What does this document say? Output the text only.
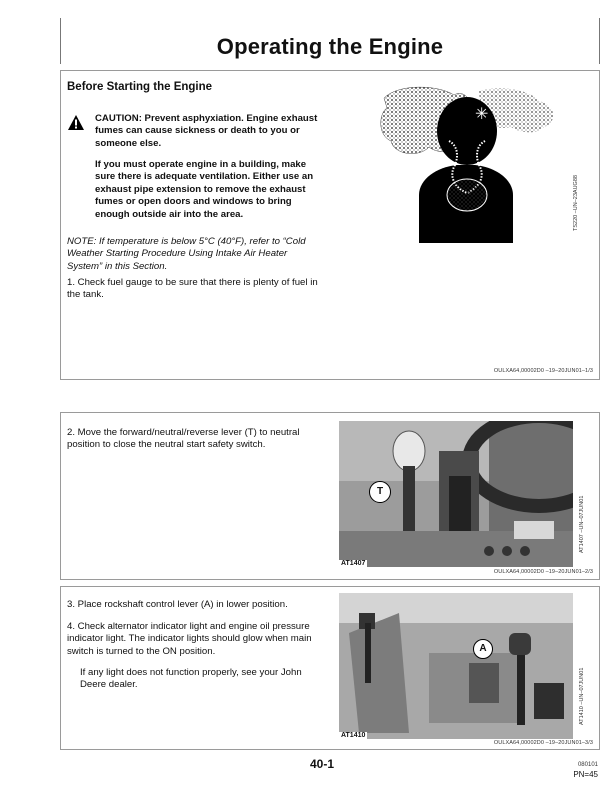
Operating the Engine
Before Starting the Engine
CAUTION: Prevent asphyxiation. Engine exhaust fumes can cause sickness or death to you or someone else.
If you must operate engine in a building, make sure there is adequate ventilation. Either use an exhaust pipe extension to remove the exhaust fumes or open doors and windows to bring enough outside air into the area.
NOTE: If temperature is below 5°C (40°F), refer to “Cold Weather Starting Procedure Using Intake Air Heater System” in this Section.
1. Check fuel gauge to be sure that there is plenty of fuel in the tank.
✳
TS220 –UN–23AUG88
OULXA64,00002D0 –19–20JUN01–1/3
2. Move the forward/neutral/reverse lever (T) to neutral position to close the neutral start safety switch.
T
AT1407
AT1407 –UN–07JUN01
OULXA64,00002D0 –19–20JUN01–2/3
3. Place rockshaft control lever (A) in lower position.
4. Check alternator indicator light and engine oil pressure indicator light. The indicator lights should glow when main switch is turned to the ON position.
If any light does not function properly, see your John Deere dealer.
A
AT1410
AT1410 –UN–07JUN01
OULXA64,00002D0 –19–20JUN01–3/3
40-1	080101
PN=45
